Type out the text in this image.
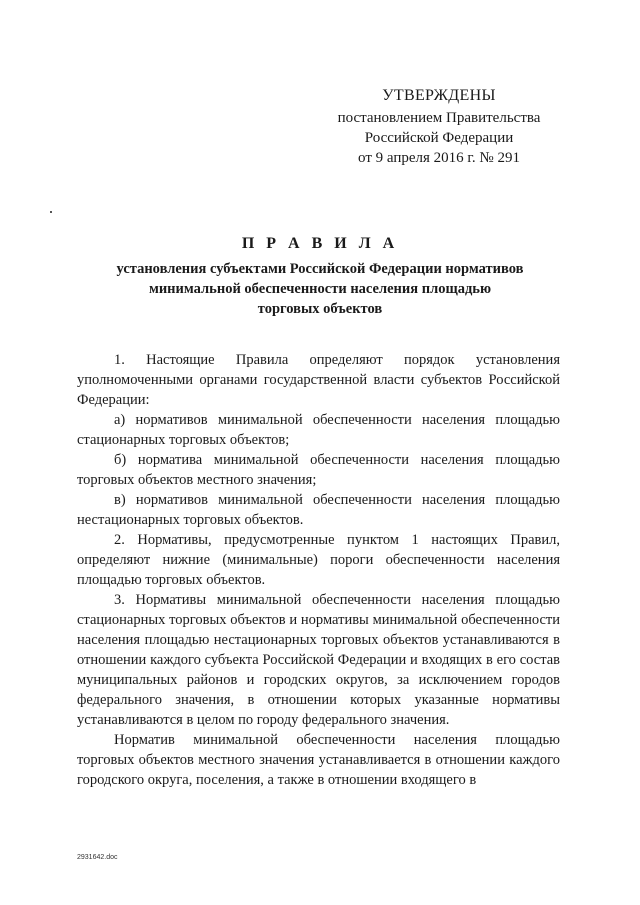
УТВЕРЖДЕНЫ
постановлением Правительства
Российской Федерации
от 9 апреля 2016 г. № 291
П Р А В И Л А
установления субъектами Российской Федерации нормативов
минимальной обеспеченности населения площадью
торговых объектов

1. Настоящие Правила определяют порядок установления уполномоченными органами государственной власти субъектов Российской Федерации:

а) нормативов минимальной обеспеченности населения площадью стационарных торговых объектов;

б) норматива минимальной обеспеченности населения площадью торговых объектов местного значения;

в) нормативов минимальной обеспеченности населения площадью нестационарных торговых объектов.

2. Нормативы, предусмотренные пунктом 1 настоящих Правил, определяют нижние (минимальные) пороги обеспеченности населения площадью торговых объектов.

3. Нормативы минимальной обеспеченности населения площадью стационарных торговых объектов и нормативы минимальной обеспеченности населения площадью нестационарных торговых объектов устанавливаются в отношении каждого субъекта Российской Федерации и входящих в его состав муниципальных районов и городских округов, за исключением городов федерального значения, в отношении которых указанные нормативы устанавливаются в целом по городу федерального значения.

Норматив минимальной обеспеченности населения площадью торговых объектов местного значения устанавливается в отношении каждого городского округа, поселения, а также в отношении входящего в

2931642.doc
